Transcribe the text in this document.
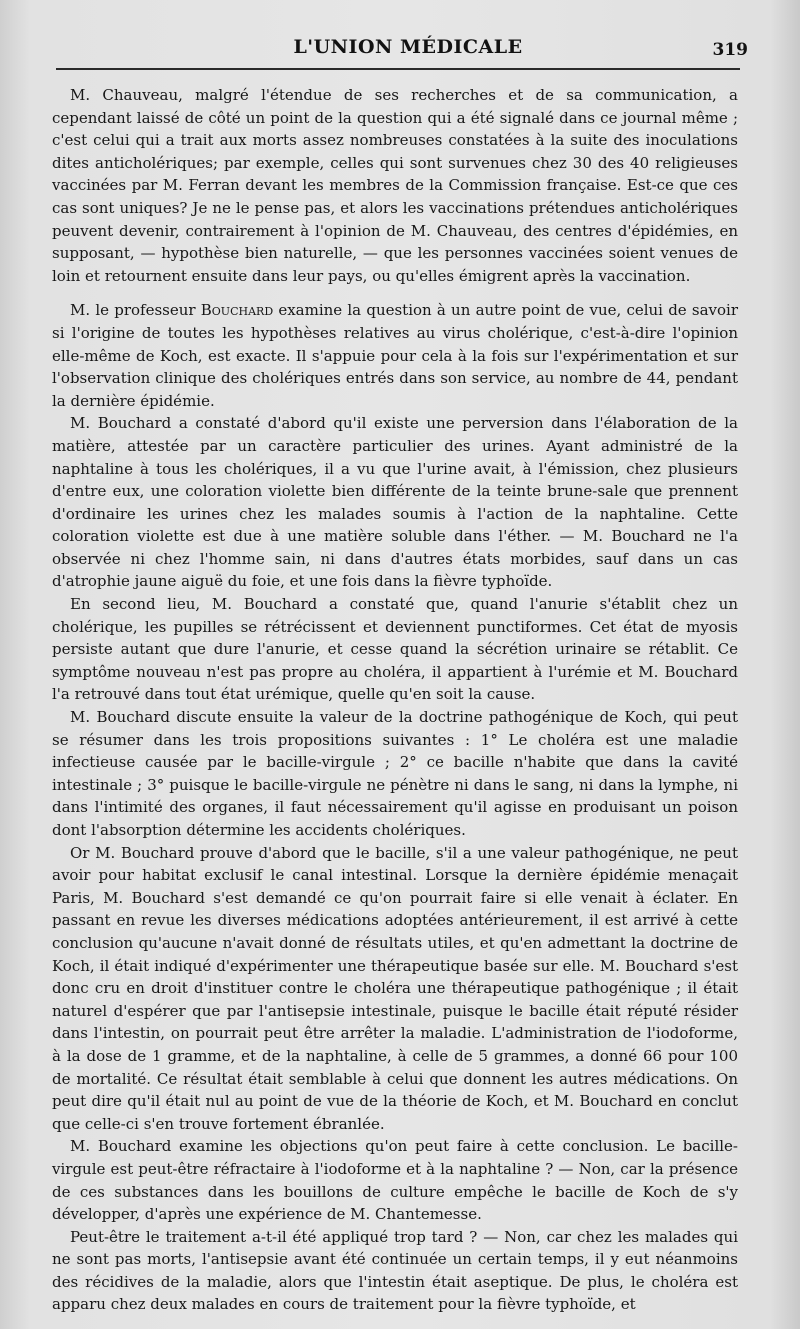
L'UNION MÉDICALE	319

M. Chauveau, malgré l'étendue de ses recherches et de sa communication, a cependant laissé de côté un point de la question qui a été signalé dans ce journal même ; c'est celui qui a trait aux morts assez nombreuses constatées à la suite des inoculations dites anticholériques; par exemple, celles qui sont survenues chez 30 des 40 religieuses vaccinées par M. Ferran devant les membres de la Commission française. Est-ce que ces cas sont uniques? Je ne le pense pas, et alors les vaccinations prétendues anticholériques peuvent devenir, contrairement à l'opinion de M. Chauveau, des centres d'épidémies, en supposant, — hypothèse bien naturelle, — que les personnes vaccinées soient venues de loin et retournent ensuite dans leur pays, ou qu'elles émigrent après la vaccination.

M. le professeur Bouchard examine la question à un autre point de vue, celui de savoir si l'origine de toutes les hypothèses relatives au virus cholérique, c'est-à-dire l'opinion elle-même de Koch, est exacte. Il s'appuie pour cela à la fois sur l'expérimentation et sur l'observation clinique des cholériques entrés dans son service, au nombre de 44, pendant la dernière épidémie.

M. Bouchard a constaté d'abord qu'il existe une perversion dans l'élaboration de la matière, attestée par un caractère particulier des urines. Ayant administré de la naphtaline à tous les cholériques, il a vu que l'urine avait, à l'émission, chez plusieurs d'entre eux, une coloration violette bien différente de la teinte brune-sale que prennent d'ordinaire les urines chez les malades soumis à l'action de la naphtaline. Cette coloration violette est due à une matière soluble dans l'éther. — M. Bouchard ne l'a observée ni chez l'homme sain, ni dans d'autres états morbides, sauf dans un cas d'atrophie jaune aiguë du foie, et une fois dans la fièvre typhoïde.

En second lieu, M. Bouchard a constaté que, quand l'anurie s'établit chez un cholérique, les pupilles se rétrécissent et deviennent punctiformes. Cet état de myosis persiste autant que dure l'anurie, et cesse quand la sécrétion urinaire se rétablit. Ce symptôme nouveau n'est pas propre au choléra, il appartient à l'urémie et M. Bouchard l'a retrouvé dans tout état urémique, quelle qu'en soit la cause.

M. Bouchard discute ensuite la valeur de la doctrine pathogénique de Koch, qui peut se résumer dans les trois propositions suivantes : 1° Le choléra est une maladie infectieuse causée par le bacille-virgule ; 2° ce bacille n'habite que dans la cavité intestinale ; 3° puisque le bacille-virgule ne pénètre ni dans le sang, ni dans la lymphe, ni dans l'intimité des organes, il faut nécessairement qu'il agisse en produisant un poison dont l'absorption détermine les accidents cholériques.

Or M. Bouchard prouve d'abord que le bacille, s'il a une valeur pathogénique, ne peut avoir pour habitat exclusif le canal intestinal. Lorsque la dernière épidémie menaçait Paris, M. Bouchard s'est demandé ce qu'on pourrait faire si elle venait à éclater. En passant en revue les diverses médications adoptées antérieurement, il est arrivé à cette conclusion qu'aucune n'avait donné de résultats utiles, et qu'en admettant la doctrine de Koch, il était indiqué d'expérimenter une thérapeutique basée sur elle. M. Bouchard s'est donc cru en droit d'instituer contre le choléra une thérapeutique pathogénique ; il était naturel d'espérer que par l'antisepsie intestinale, puisque le bacille était réputé résider dans l'intestin, on pourrait peut être arrêter la maladie. L'administration de l'iodoforme, à la dose de 1 gramme, et de la naphtaline, à celle de 5 grammes, a donné 66 pour 100 de mortalité. Ce résultat était semblable à celui que donnent les autres médications. On peut dire qu'il était nul au point de vue de la théorie de Koch, et M. Bouchard en conclut que celle-ci s'en trouve fortement ébranlée.

M. Bouchard examine les objections qu'on peut faire à cette conclusion. Le bacille-virgule est peut-être réfractaire à l'iodoforme et à la naphtaline ? — Non, car la présence de ces substances dans les bouillons de culture empêche le bacille de Koch de s'y développer, d'après une expérience de M. Chantemesse.

Peut-être le traitement a-t-il été appliqué trop tard ? — Non, car chez les malades qui ne sont pas morts, l'antisepsie avant été continuée un certain temps, il y eut néanmoins des récidives de la maladie, alors que l'intestin était aseptique. De plus, le choléra est apparu chez deux malades en cours de traitement pour la fièvre typhoïde, et
